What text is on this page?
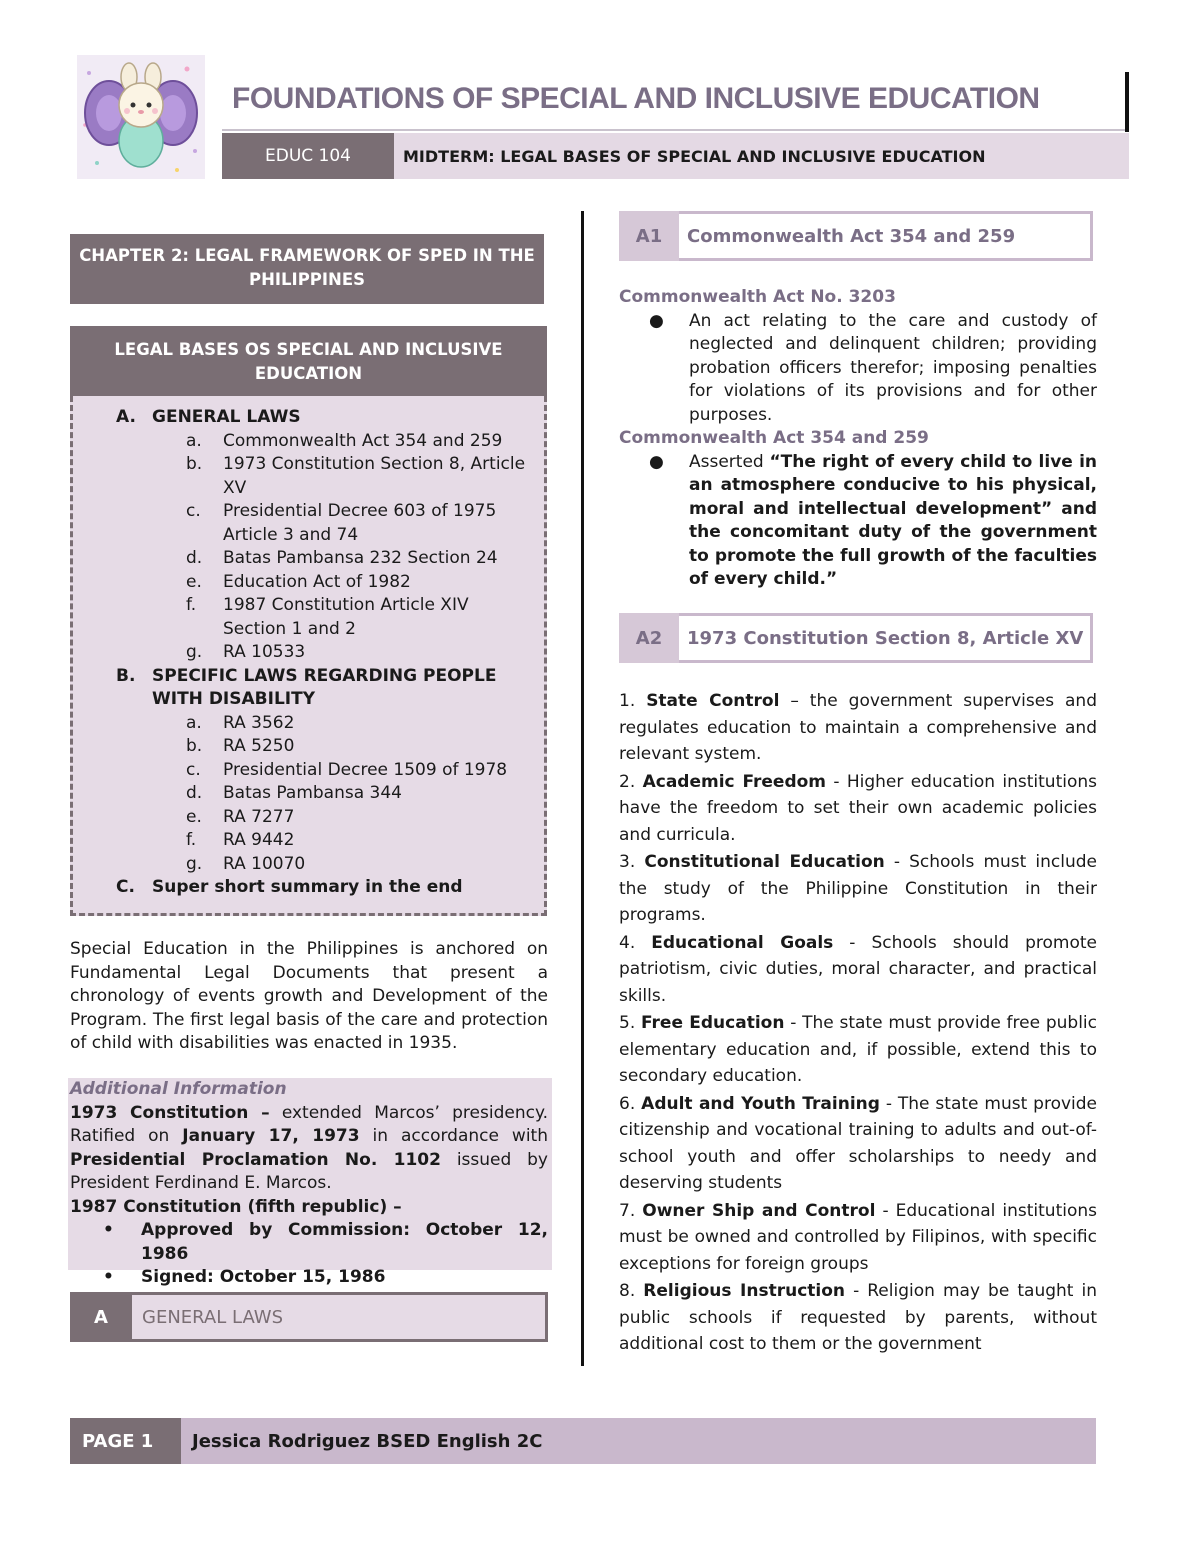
FOUNDATIONS OF SPECIAL AND INCLUSIVE EDUCATION
EDUC 104	MIDTERM: LEGAL BASES OF SPECIAL AND INCLUSIVE EDUCATION
CHAPTER 2: LEGAL FRAMEWORK OF SPED IN THE PHILIPPINES
LEGAL BASES OS SPECIAL AND INCLUSIVE EDUCATION
A. GENERAL LAWS
a. Commonwealth Act 354 and 259
b. 1973 Constitution Section 8, Article XV
c. Presidential Decree 603 of 1975 Article 3 and 74
d. Batas Pambansa 232 Section 24
e. Education Act of 1982
f. 1987 Constitution Article XIV Section 1 and 2
g. RA 10533
B. SPECIFIC LAWS REGARDING PEOPLE WITH DISABILITY
a. RA 3562
b. RA 5250
c. Presidential Decree 1509 of 1978
d. Batas Pambansa 344
e. RA 7277
f. RA 9442
g. RA 10070
C. Super short summary in the end
Special Education in the Philippines is anchored on Fundamental Legal Documents that present a chronology of events growth and Development of the Program. The first legal basis of the care and protection of child with disabilities was enacted in 1935.
Additional Information
1973 Constitution – extended Marcos’ presidency. Ratified on January 17, 1973 in accordance with Presidential Proclamation No. 1102 issued by President Ferdinand E. Marcos.
1987 Constitution (fifth republic) –
• Approved by Commission: October 12, 1986
• Signed: October 15, 1986
A	GENERAL LAWS
A1	Commonwealth Act 354 and 259
Commonwealth Act No. 3203
● An act relating to the care and custody of neglected and delinquent children; providing probation officers therefor; imposing penalties for violations of its provisions and for other purposes.
Commonwealth Act 354 and 259
● Asserted “The right of every child to live in an atmosphere conducive to his physical, moral and intellectual development” and the concomitant duty of the government to promote the full growth of the faculties of every child.”
A2	1973 Constitution Section 8, Article XV
1. State Control – the government supervises and regulates education to maintain a comprehensive and relevant system.
2. Academic Freedom - Higher education institutions have the freedom to set their own academic policies and curricula.
3. Constitutional Education - Schools must include the study of the Philippine Constitution in their programs.
4. Educational Goals - Schools should promote patriotism, civic duties, moral character, and practical skills.
5. Free Education - The state must provide free public elementary education and, if possible, extend this to secondary education.
6. Adult and Youth Training - The state must provide citizenship and vocational training to adults and out-of-school youth and offer scholarships to needy and deserving students
7. Owner Ship and Control - Educational institutions must be owned and controlled by Filipinos, with specific exceptions for foreign groups
8. Religious Instruction - Religion may be taught in public schools if requested by parents, without additional cost to them or the government
PAGE 1	Jessica Rodriguez BSED English 2C
